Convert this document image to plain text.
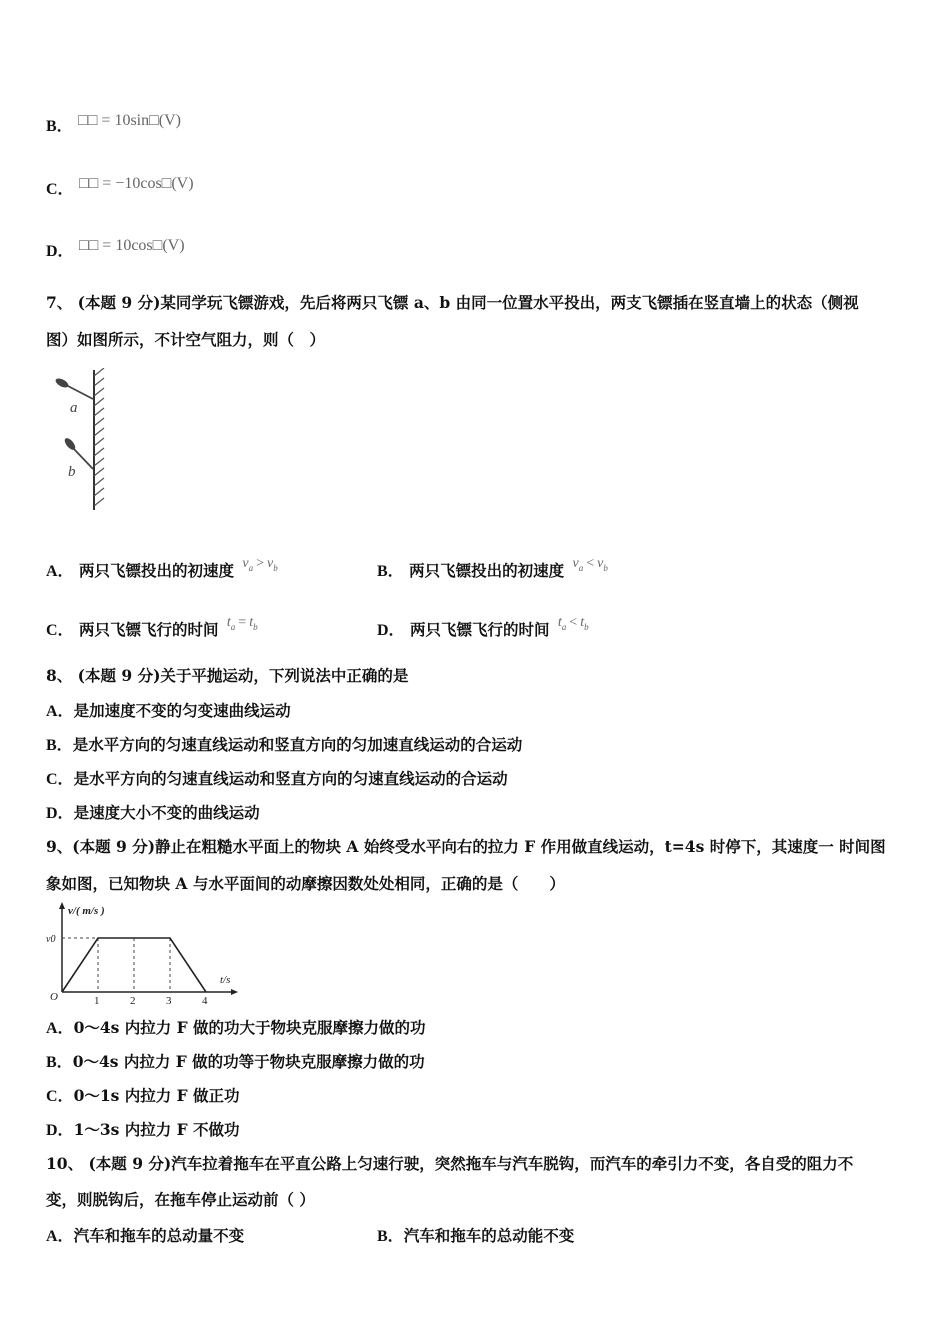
B． □□ = 10sin□(V)
C． □□ = −10cos□(V)
D． □□ = 10cos□(V)
7、 (本题 9 分)某同学玩飞镖游戏，先后将两只飞镖 a、b 由同一位置水平投出，两支飞镖插在竖直墙上的状态（侧视
图）如图所示，不计空气阻力，则（　）
a
b
A． 两只飞镖投出的初速度 $v_a > v_b$	B． 两只飞镖投出的初速度 $v_a < v_b$
C． 两只飞镖飞行的时间 $t_a = t_b$	D． 两只飞镖飞行的时间 $t_a < t_b$
8、 (本题 9 分)关于平抛运动，下列说法中正确的是
A．是加速度不变的匀变速曲线运动
B．是水平方向的匀速直线运动和竖直方向的匀加速直线运动的合运动
C．是水平方向的匀速直线运动和竖直方向的匀速直线运动的合运动
D．是速度大小不变的曲线运动
9、(本题 9 分)静止在粗糙水平面上的物块 A 始终受水平向右的拉力 F 作用做直线运动，t=4s 时停下，其速度一 时间图
象如图，已知物块 A 与水平面间的动摩擦因数处处相同，正确的是（　　）
v/( m/s )
t/s
v0
O	1	2	3	4
A．0～4s 内拉力 F 做的功大于物块克服摩擦力做的功
B．0～4s 内拉力 F 做的功等于物块克服摩擦力做的功
C．0～1s 内拉力 F 做正功
D．1～3s 内拉力 F 不做功
10、 (本题 9 分)汽车拉着拖车在平直公路上匀速行驶，突然拖车与汽车脱钩，而汽车的牵引力不变，各自受的阻力不
变，则脱钩后，在拖车停止运动前（ ）
A．汽车和拖车的总动量不变	B．汽车和拖车的总动能不变
